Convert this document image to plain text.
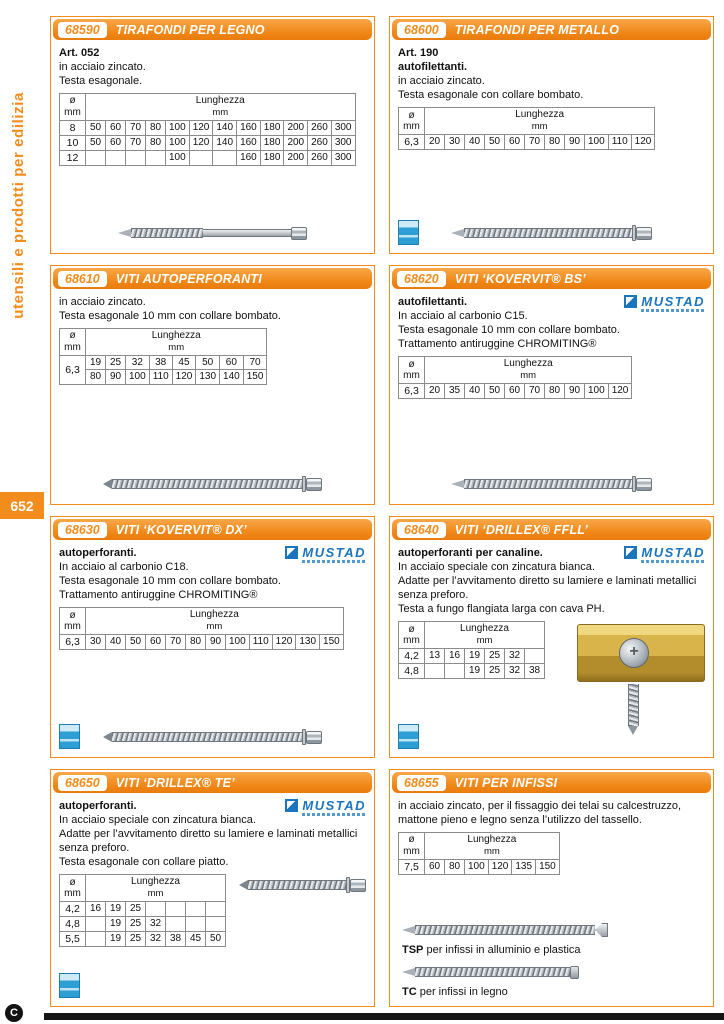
utensili e prodotti per edilizia
652
C
68590	TIRAFONDI PER LEGNO
Art. 052
in acciaio zincato.
Testa esagonale.
ø
mm	Lunghezza
mm											
8	50	60	70	80	100	120	140	160	180	200	260	300
10	50	60	70	80	100	120	140	160	180	200	260	300
12					100			160	180	200	260	300
68600	TIRAFONDI PER METALLO
Art. 190
autofilettanti.
in acciaio zincato.
Testa esagonale con collare bombato.
ø
mm	Lunghezza
mm										
6,3	20	30	40	50	60	70	80	90	100	110	120
68610	VITI AUTOPERFORANTI
in acciaio zincato.
Testa esagonale 10 mm con collare bombato.
ø
mm	Lunghezza
mm							
6,3	19	25	32	38	45	50	60	70
	80	90	100	110	120	130	140	150
68620	VITI ‘KOVERVIT® BS’
MUSTAD
autofilettanti.
In acciaio al carbonio C15.
Testa esagonale 10 mm con collare bombato.
Trattamento antiruggine CHROMITING®
ø
mm	Lunghezza
mm									
6,3	20	35	40	50	60	70	80	90	100	120
68630	VITI ‘KOVERVIT® DX’
MUSTAD
autoperforanti.
In acciaio al carbonio C18.
Testa esagonale 10 mm con collare bombato.
Trattamento antiruggine CHROMITING®
ø
mm	Lunghezza
mm											
6,3	30	40	50	60	70	80	90	100	110	120	130	150
68640	VITI ‘DRILLEX® FFLL’
MUSTAD
autoperforanti per canaline.
In acciaio speciale con zincatura bianca.
Adatte per l’avvitamento diretto su lamiere e laminati metallici senza preforo.
Testa a fungo flangiata larga con cava PH.
ø
mm	Lunghezza
mm					
4,2	13	16	19	25	32	
4,8			19	25	32	38
+
68650	VITI ‘DRILLEX® TE’
MUSTAD
autoperforanti.
In acciaio speciale con zincatura bianca.
Adatte per l’avvitamento diretto su lamiere e laminati metallici senza preforo.
Testa esagonale con collare piatto.
ø
mm	Lunghezza
mm						
4,2	16	19	25				
4,8		19	25	32			
5,5		19	25	32	38	45	50
68655	VITI PER INFISSI
in acciaio zincato, per il fissaggio dei telai su calcestruzzo, mattone pieno e legno senza l’utilizzo del tassello.
ø
mm	Lunghezza
mm					
7,5	60	80	100	120	135	150
TSP per infissi in alluminio e plastica
TC per infissi in legno
